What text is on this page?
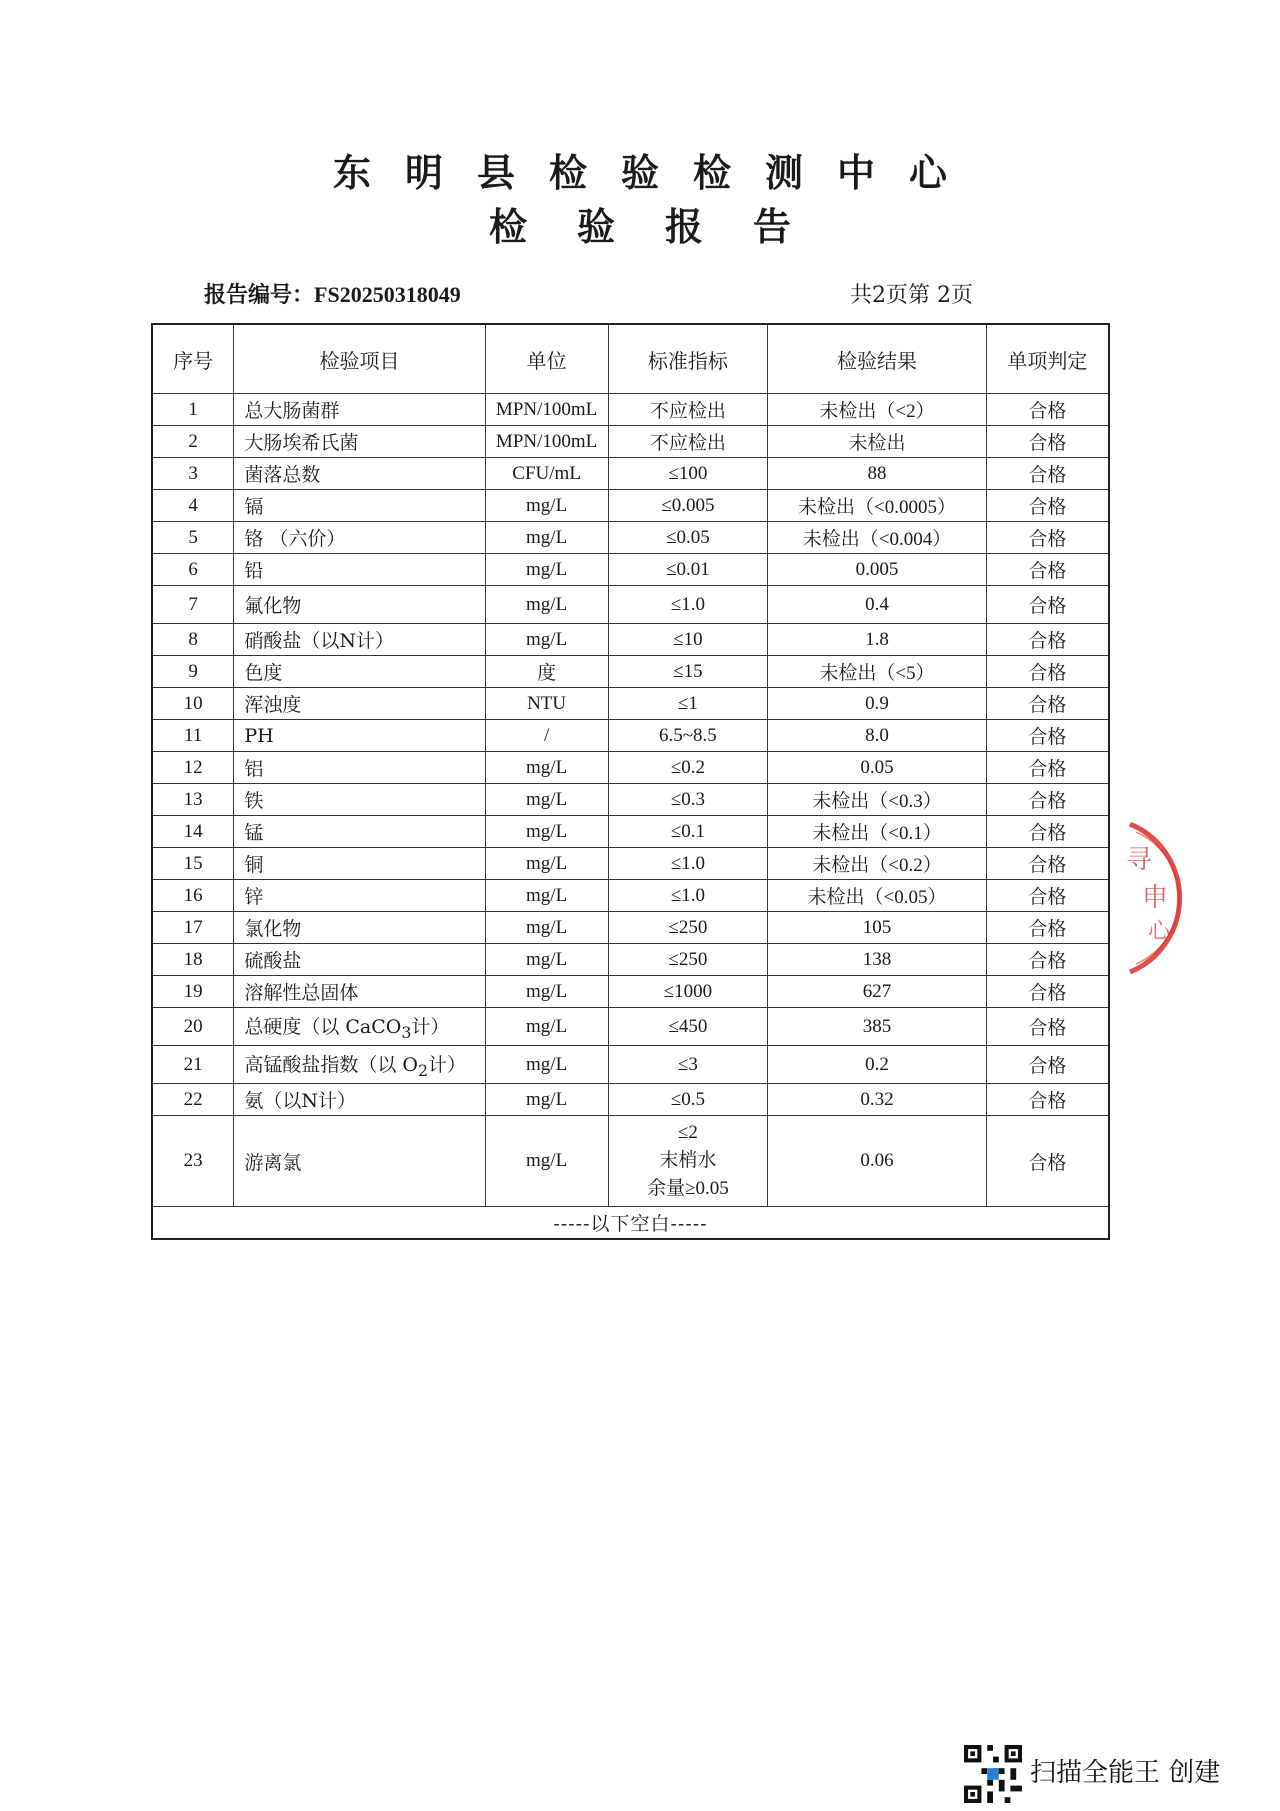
东明县检验检测中心
检验报告
报告编号：FS20250318049	共2页第 2页
序号	检验项目	单位	标准指标	检验结果	单项判定
1	总大肠菌群	MPN/100mL	不应检出	未检出（<2）	合格
2	大肠埃希氏菌	MPN/100mL	不应检出	未检出	合格
3	菌落总数	CFU/mL	≤100	88	合格
4	镉	mg/L	≤0.005	未检出（<0.0005）	合格
5	铬 （六价）	mg/L	≤0.05	未检出（<0.004）	合格
6	铅	mg/L	≤0.01	0.005	合格
7	氟化物	mg/L	≤1.0	0.4	合格
8	硝酸盐（以N计）	mg/L	≤10	1.8	合格
9	色度	度	≤15	未检出（<5）	合格
10	浑浊度	NTU	≤1	0.9	合格
11	PH	/	6.5~8.5	8.0	合格
12	铝	mg/L	≤0.2	0.05	合格
13	铁	mg/L	≤0.3	未检出（<0.3）	合格
14	锰	mg/L	≤0.1	未检出（<0.1）	合格
15	铜	mg/L	≤1.0	未检出（<0.2）	合格
16	锌	mg/L	≤1.0	未检出（<0.05）	合格
17	氯化物	mg/L	≤250	105	合格
18	硫酸盐	mg/L	≤250	138	合格
19	溶解性总固体	mg/L	≤1000	627	合格
20	总硬度（以 CaCO$_3$计）	mg/L	≤450	385	合格
21	高锰酸盐指数（以 $O_2$计）	mg/L	≤3	0.2	合格
22	氨（以N计）	mg/L	≤0.5	0.32	合格
23	游离氯	mg/L	≤2
末梢水
余量≥0.05	0.06	合格
-----以下空白-----					
寻
申
心
扫描全能王 创建
